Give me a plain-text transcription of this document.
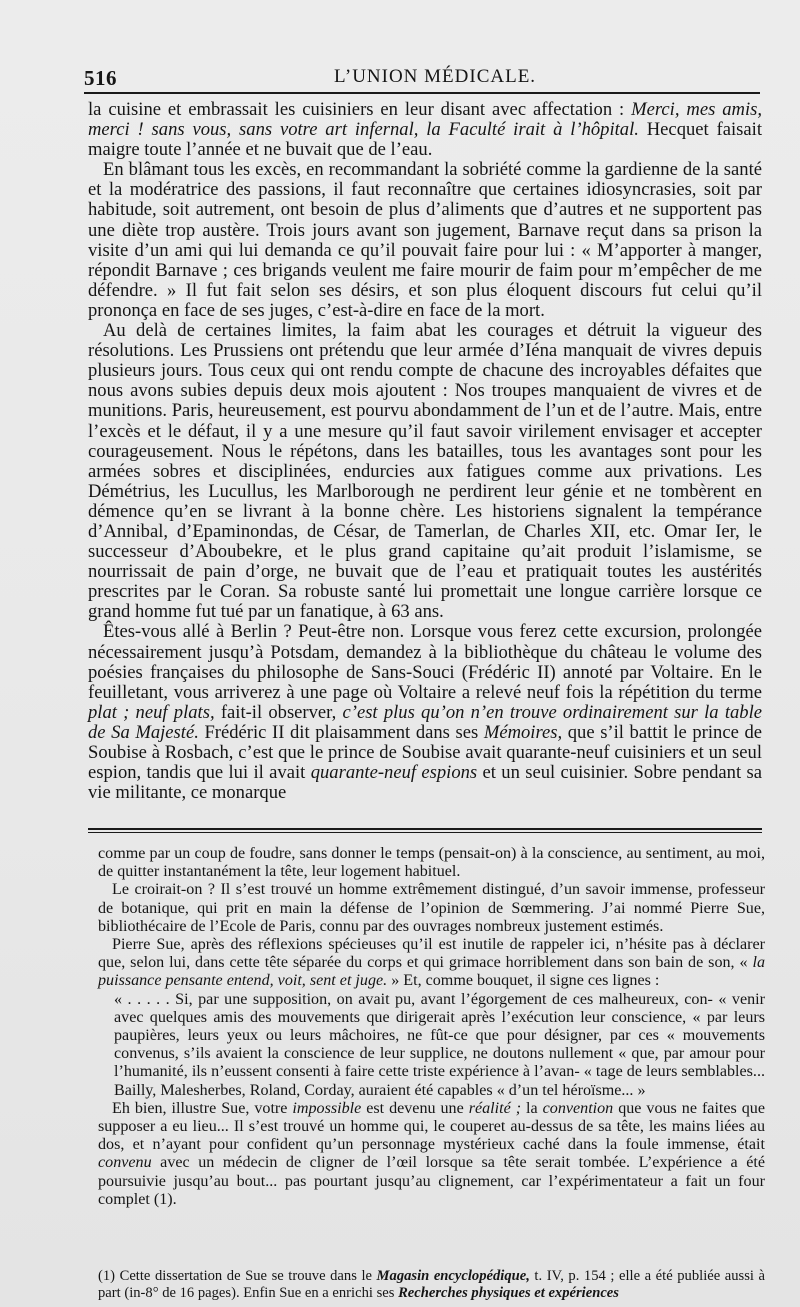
516	L’UNION MÉDICALE.

la cuisine et embrassait les cuisiniers en leur disant avec affectation : Merci, mes amis, merci ! sans vous, sans votre art infernal, la Faculté irait à l’hôpital. Hecquet faisait maigre toute l’année et ne buvait que de l’eau.

En blâmant tous les excès, en recommandant la sobriété comme la gardienne de la santé et la modératrice des passions, il faut reconnaître que certaines idiosyncrasies, soit par habitude, soit autrement, ont besoin de plus d’aliments que d’autres et ne supportent pas une diète trop austère. Trois jours avant son jugement, Barnave reçut dans sa prison la visite d’un ami qui lui demanda ce qu’il pouvait faire pour lui : « M’apporter à manger, répondit Barnave ; ces brigands veulent me faire mourir de faim pour m’empêcher de me défendre. » Il fut fait selon ses désirs, et son plus éloquent discours fut celui qu’il prononça en face de ses juges, c’est-à-dire en face de la mort.

Au delà de certaines limites, la faim abat les courages et détruit la vigueur des résolutions. Les Prussiens ont prétendu que leur armée d’Iéna manquait de vivres depuis plusieurs jours. Tous ceux qui ont rendu compte de chacune des incroyables défaites que nous avons subies depuis deux mois ajoutent : Nos troupes manquaient de vivres et de munitions. Paris, heureusement, est pourvu abondamment de l’un et de l’autre. Mais, entre l’excès et le défaut, il y a une mesure qu’il faut savoir virilement envisager et accepter courageusement. Nous le répétons, dans les batailles, tous les avantages sont pour les armées sobres et disciplinées, endurcies aux fatigues comme aux privations. Les Démétrius, les Lucullus, les Marlborough ne perdirent leur génie et ne tombèrent en démence qu’en se livrant à la bonne chère. Les historiens signalent la tempérance d’Annibal, d’Epaminondas, de César, de Tamerlan, de Charles XII, etc. Omar Ier, le successeur d’Aboubekre, et le plus grand capitaine qu’ait produit l’islamisme, se nourrissait de pain d’orge, ne buvait que de l’eau et pratiquait toutes les austérités prescrites par le Coran. Sa robuste santé lui promettait une longue carrière lorsque ce grand homme fut tué par un fanatique, à 63 ans.

Êtes-vous allé à Berlin ? Peut-être non. Lorsque vous ferez cette excursion, prolongée nécessairement jusqu’à Potsdam, demandez à la bibliothèque du château le volume des poésies françaises du philosophe de Sans-Souci (Frédéric II) annoté par Voltaire. En le feuilletant, vous arriverez à une page où Voltaire a relevé neuf fois la répétition du terme plat ; neuf plats, fait-il observer, c’est plus qu’on n’en trouve ordinairement sur la table de Sa Majesté. Frédéric II dit plaisamment dans ses Mémoires, que s’il battit le prince de Soubise à Rosbach, c’est que le prince de Soubise avait quarante-neuf cuisiniers et un seul espion, tandis que lui il avait quarante-neuf espions et un seul cuisinier. Sobre pendant sa vie militante, ce monarque

comme par un coup de foudre, sans donner le temps (pensait-on) à la conscience, au sentiment, au moi, de quitter instantanément la tête, leur logement habituel.

Le croirait-on ? Il s’est trouvé un homme extrêmement distingué, d’un savoir immense, professeur de botanique, qui prit en main la défense de l’opinion de Sœmmering. J’ai nommé Pierre Sue, bibliothécaire de l’Ecole de Paris, connu par des ouvrages nombreux justement estimés.

Pierre Sue, après des réflexions spécieuses qu’il est inutile de rappeler ici, n’hésite pas à déclarer que, selon lui, dans cette tête séparée du corps et qui grimace horriblement dans son bain de son, « la puissance pensante entend, voit, sent et juge. » Et, comme bouquet, il signe ces lignes :

« . . . . . Si, par une supposition, on avait pu, avant l’égorgement de ces malheureux, con- « venir avec quelques amis des mouvements que dirigerait après l’exécution leur conscience, « par leurs paupières, leurs yeux ou leurs mâchoires, ne fût-ce que pour désigner, par ces « mouvements convenus, s’ils avaient la conscience de leur supplice, ne doutons nullement « que, par amour pour l’humanité, ils n’eussent consenti à faire cette triste expérience à l’avan- « tage de leurs semblables... Bailly, Malesherbes, Roland, Corday, auraient été capables « d’un tel héroïsme... »

Eh bien, illustre Sue, votre impossible est devenu une réalité ; la convention que vous ne faites que supposer a eu lieu... Il s’est trouvé un homme qui, le couperet au-dessus de sa tête, les mains liées au dos, et n’ayant pour confident qu’un personnage mystérieux caché dans la foule immense, était convenu avec un médecin de cligner de l’œil lorsque sa tête serait tombée. L’expérience a été poursuivie jusqu’au bout... pas pourtant jusqu’au clignement, car l’expérimentateur a fait un four complet (1).

(1) Cette dissertation de Sue se trouve dans le Magasin encyclopédique, t. IV, p. 154 ; elle a été publiée aussi à part (in-8° de 16 pages). Enfin Sue en a enrichi ses Recherches physiques et expériences
